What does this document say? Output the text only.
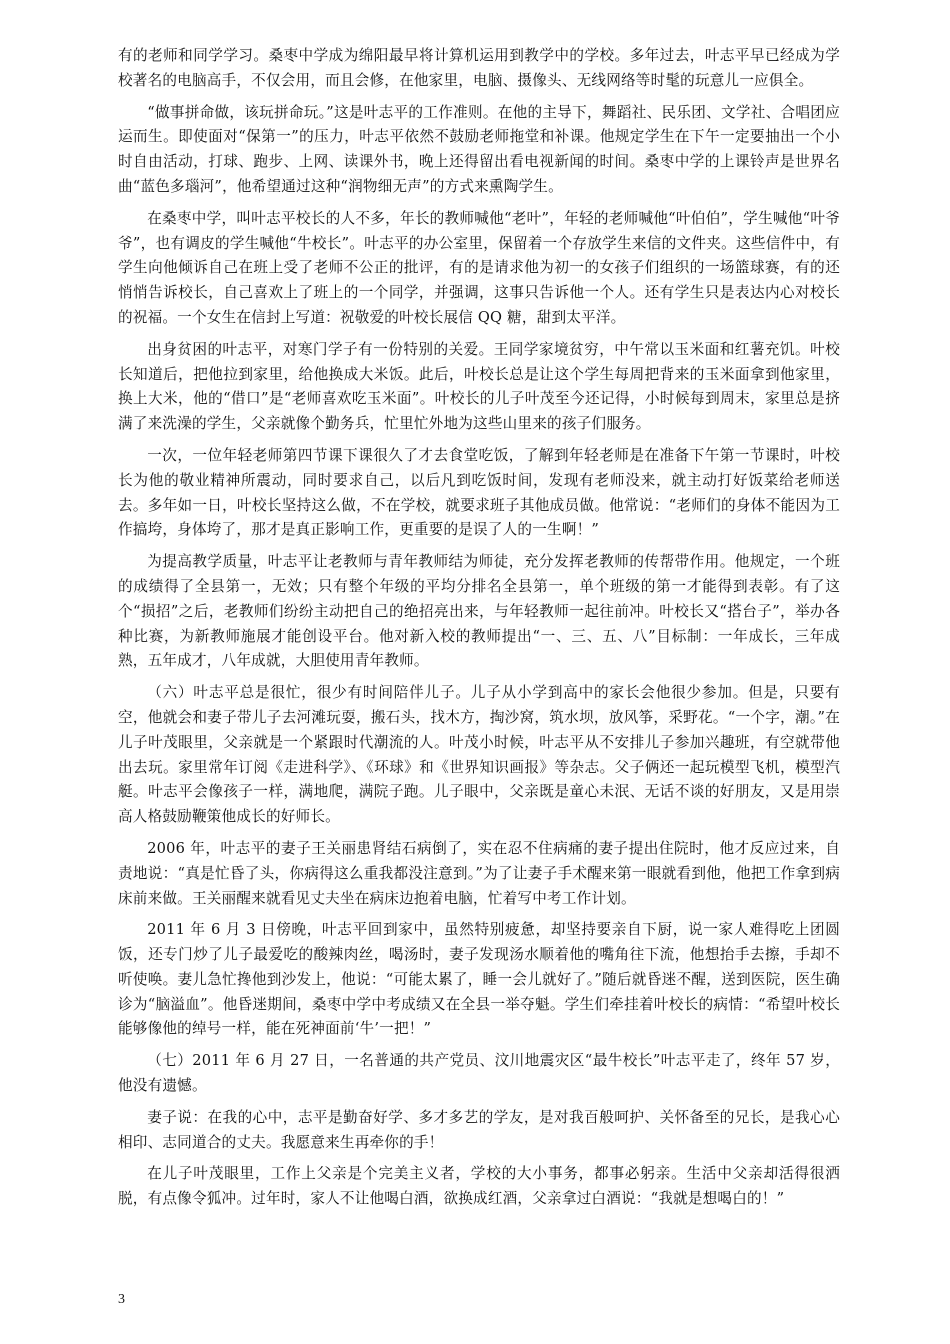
有的老师和同学学习。桑枣中学成为绵阳最早将计算机运用到教学中的学校。多年过去，叶志平早已经成为学校著名的电脑高手，不仅会用，而且会修，在他家里，电脑、摄像头、无线网络等时髦的玩意儿一应俱全。

“做事拼命做，该玩拼命玩。”这是叶志平的工作准则。在他的主导下，舞蹈社、民乐团、文学社、合唱团应运而生。即使面对“保第一”的压力，叶志平依然不鼓励老师拖堂和补课。他规定学生在下午一定要抽出一个小时自由活动，打球、跑步、上网、读课外书，晚上还得留出看电视新闻的时间。桑枣中学的上课铃声是世界名曲“蓝色多瑙河”，他希望通过这种“润物细无声”的方式来熏陶学生。

在桑枣中学，叫叶志平校长的人不多，年长的教师喊他“老叶”，年轻的老师喊他“叶伯伯”，学生喊他“叶爷爷”，也有调皮的学生喊他“牛校长”。叶志平的办公室里，保留着一个存放学生来信的文件夹。这些信件中，有学生向他倾诉自己在班上受了老师不公正的批评，有的是请求他为初一的女孩子们组织的一场篮球赛，有的还悄悄告诉校长，自己喜欢上了班上的一个同学，并强调，这事只告诉他一个人。还有学生只是表达内心对校长的祝福。一个女生在信封上写道：祝敬爱的叶校长展信 QQ 糖，甜到太平洋。

出身贫困的叶志平，对寒门学子有一份特别的关爱。王同学家境贫穷，中午常以玉米面和红薯充饥。叶校长知道后，把他拉到家里，给他换成大米饭。此后，叶校长总是让这个学生每周把背来的玉米面拿到他家里，换上大米，他的“借口”是“老师喜欢吃玉米面”。叶校长的儿子叶茂至今还记得，小时候每到周末，家里总是挤满了来洗澡的学生，父亲就像个勤务兵，忙里忙外地为这些山里来的孩子们服务。

一次，一位年轻老师第四节课下课很久了才去食堂吃饭，了解到年轻老师是在准备下午第一节课时，叶校长为他的敬业精神所震动，同时要求自己，以后凡到吃饭时间，发现有老师没来，就主动打好饭菜给老师送去。多年如一日，叶校长坚持这么做，不在学校，就要求班子其他成员做。他常说：“老师们的身体不能因为工作搞垮，身体垮了，那才是真正影响工作，更重要的是误了人的一生啊！”

为提高教学质量，叶志平让老教师与青年教师结为师徒，充分发挥老教师的传帮带作用。他规定，一个班的成绩得了全县第一，无效；只有整个年级的平均分排名全县第一，单个班级的第一才能得到表彰。有了这个“损招”之后，老教师们纷纷主动把自己的绝招亮出来，与年轻教师一起往前冲。叶校长又“搭台子”，举办各种比赛，为新教师施展才能创设平台。他对新入校的教师提出“一、三、五、八”目标制：一年成长，三年成熟，五年成才，八年成就，大胆使用青年教师。

（六）叶志平总是很忙，很少有时间陪伴儿子。儿子从小学到高中的家长会他很少参加。但是，只要有空，他就会和妻子带儿子去河滩玩耍，搬石头，找木方，掏沙窝，筑水坝，放风筝，采野花。“一个字，潮。”在儿子叶茂眼里，父亲就是一个紧跟时代潮流的人。叶茂小时候，叶志平从不安排儿子参加兴趣班，有空就带他出去玩。家里常年订阅《走进科学》、《环球》和《世界知识画报》等杂志。父子俩还一起玩模型飞机，模型汽艇。叶志平会像孩子一样，满地爬，满院子跑。儿子眼中，父亲既是童心未泯、无话不谈的好朋友，又是用崇高人格鼓励鞭策他成长的好师长。

2006 年，叶志平的妻子王关丽患肾结石病倒了，实在忍不住病痛的妻子提出住院时，他才反应过来，自责地说：“真是忙昏了头，你病得这么重我都没注意到。”为了让妻子手术醒来第一眼就看到他，他把工作拿到病床前来做。王关丽醒来就看见丈夫坐在病床边抱着电脑，忙着写中考工作计划。

2011 年 6 月 3 日傍晚，叶志平回到家中，虽然特别疲惫，却坚持要亲自下厨，说一家人难得吃上团圆饭，还专门炒了儿子最爱吃的酸辣肉丝，喝汤时，妻子发现汤水顺着他的嘴角往下流，他想抬手去擦，手却不听使唤。妻儿急忙搀他到沙发上，他说：“可能太累了，睡一会儿就好了。”随后就昏迷不醒，送到医院，医生确诊为“脑溢血”。他昏迷期间，桑枣中学中考成绩又在全县一举夺魁。学生们牵挂着叶校长的病情：“希望叶校长能够像他的绰号一样，能在死神面前‘牛’一把！”

（七）2011 年 6 月 27 日，一名普通的共产党员、汶川地震灾区“最牛校长”叶志平走了，终年 57 岁，他没有遗憾。

妻子说：在我的心中，志平是勤奋好学、多才多艺的学友，是对我百般呵护、关怀备至的兄长，是我心心相印、志同道合的丈夫。我愿意来生再牵你的手！

在儿子叶茂眼里，工作上父亲是个完美主义者，学校的大小事务，都事必躬亲。生活中父亲却活得很洒脱，有点像令狐冲。过年时，家人不让他喝白酒，欲换成红酒，父亲拿过白酒说：“我就是想喝白的！”

3
